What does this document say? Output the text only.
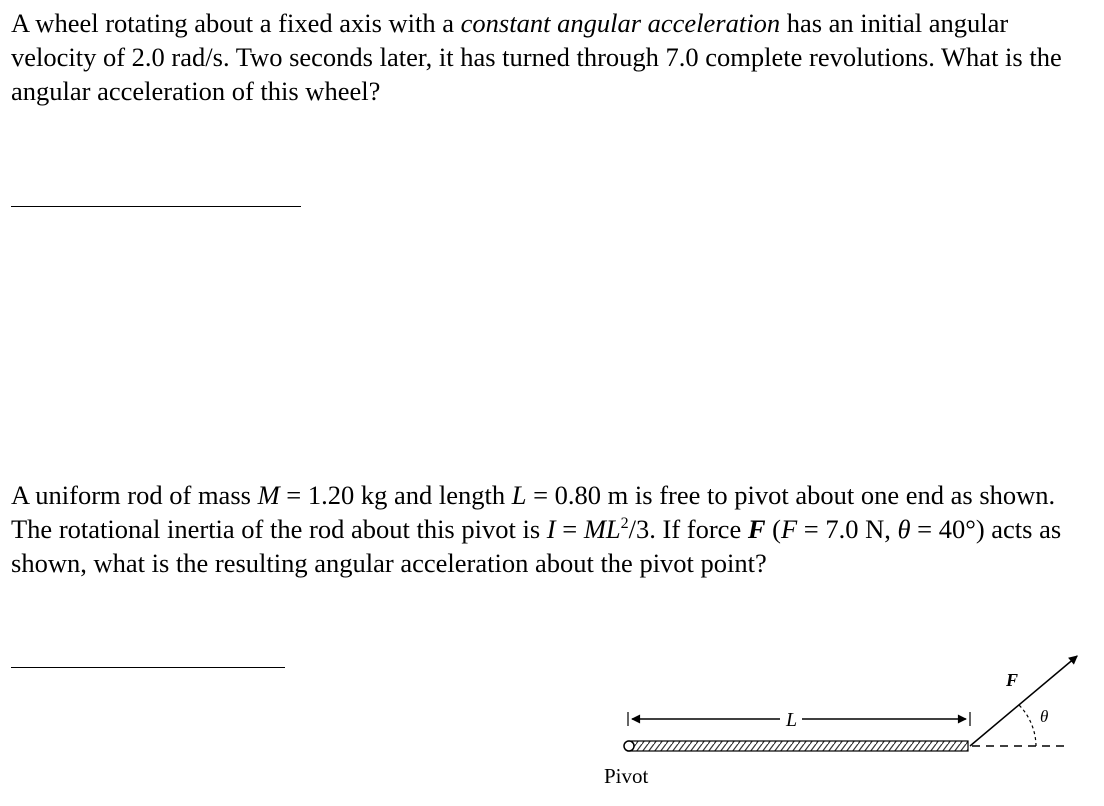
A wheel rotating about a fixed axis with a constant angular acceleration has an initial angular velocity of 2.0 rad/s. Two seconds later, it has turned through 7.0 complete revolutions. What is the angular acceleration of this wheel?
A uniform rod of mass M = 1.20 kg and length L = 0.80 m is free to pivot about one end as shown. The rotational inertia of the rod about this pivot is $I = ML^2/3$. If force F (F = 7.0 N, θ = 40°) acts as shown, what is the resulting angular acceleration about the pivot point?
L
Pivot
F
θ
